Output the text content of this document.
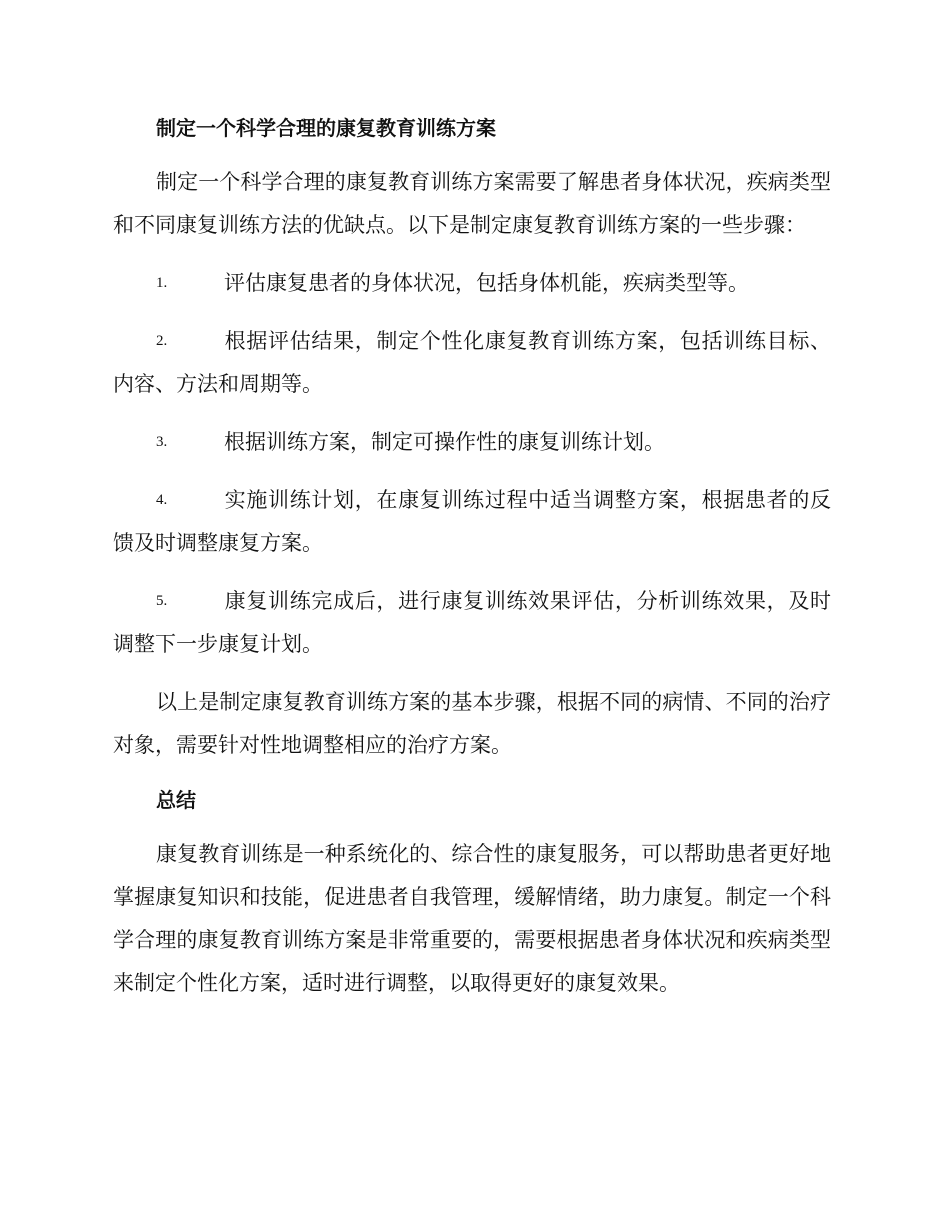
制定一个科学合理的康复教育训练方案

制定一个科学合理的康复教育训练方案需要了解患者身体状况，疾病类型和不同康复训练方法的优缺点。以下是制定康复教育训练方案的一些步骤：

1.	评估康复患者的身体状况，包括身体机能，疾病类型等。
2.	根据评估结果，制定个性化康复教育训练方案，包括训练目标、内容、方法和周期等。
3.	根据训练方案，制定可操作性的康复训练计划。
4.	实施训练计划，在康复训练过程中适当调整方案，根据患者的反馈及时调整康复方案。
5.	康复训练完成后，进行康复训练效果评估，分析训练效果，及时调整下一步康复计划。

以上是制定康复教育训练方案的基本步骤，根据不同的病情、不同的治疗对象，需要针对性地调整相应的治疗方案。

总结

康复教育训练是一种系统化的、综合性的康复服务，可以帮助患者更好地掌握康复知识和技能，促进患者自我管理，缓解情绪，助力康复。制定一个科学合理的康复教育训练方案是非常重要的，需要根据患者身体状况和疾病类型来制定个性化方案，适时进行调整，以取得更好的康复效果。
